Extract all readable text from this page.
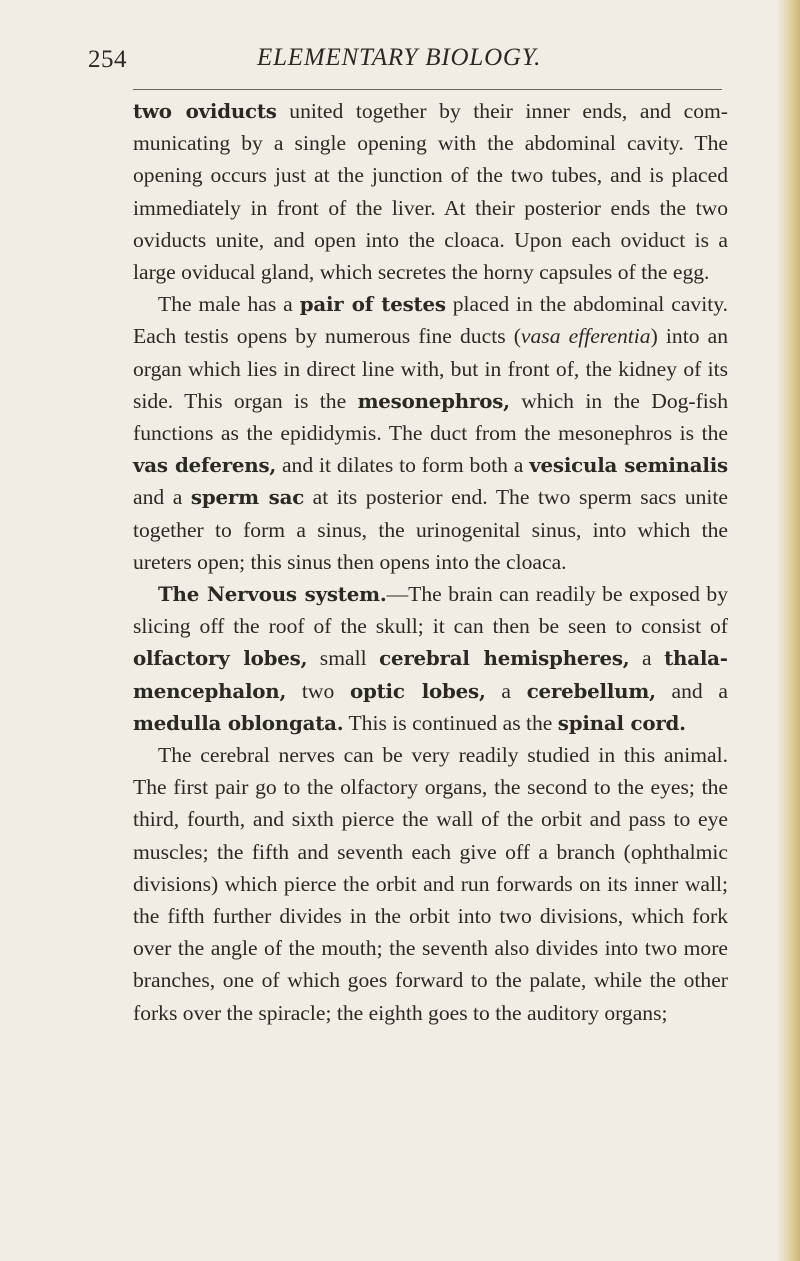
254	ELEMENTARY BIOLOGY.

two oviducts united together by their inner ends, and communicating by a single opening with the abdominal cavity. The opening occurs just at the junction of the two tubes, and is placed immediately in front of the liver. At their posterior ends the two oviducts unite, and open into the cloaca. Upon each oviduct is a large oviducal gland, which secretes the horny capsules of the egg.

The male has a pair of testes placed in the abdominal cavity. Each testis opens by numerous fine ducts (vasa efferentia) into an organ which lies in direct line with, but in front of, the kidney of its side. This organ is the mesonephros, which in the Dog-fish functions as the epididymis. The duct from the mesonephros is the vas deferens, and it dilates to form both a vesicula seminalis and a sperm sac at its posterior end. The two sperm sacs unite together to form a sinus, the urinogenital sinus, into which the ureters open; this sinus then opens into the cloaca.

The Nervous system.—The brain can readily be exposed by slicing off the roof of the skull; it can then be seen to consist of olfactory lobes, small cerebral hemispheres, a thalamencephalon, two optic lobes, a cerebellum, and a medulla oblongata. This is continued as the spinal cord.

The cerebral nerves can be very readily studied in this animal. The first pair go to the olfactory organs, the second to the eyes; the third, fourth, and sixth pierce the wall of the orbit and pass to eye muscles; the fifth and seventh each give off a branch (ophthalmic divisions) which pierce the orbit and run forwards on its inner wall; the fifth further divides in the orbit into two divisions, which fork over the angle of the mouth; the seventh also divides into two more branches, one of which goes forward to the palate, while the other forks over the spiracle; the eighth goes to the auditory organs;
